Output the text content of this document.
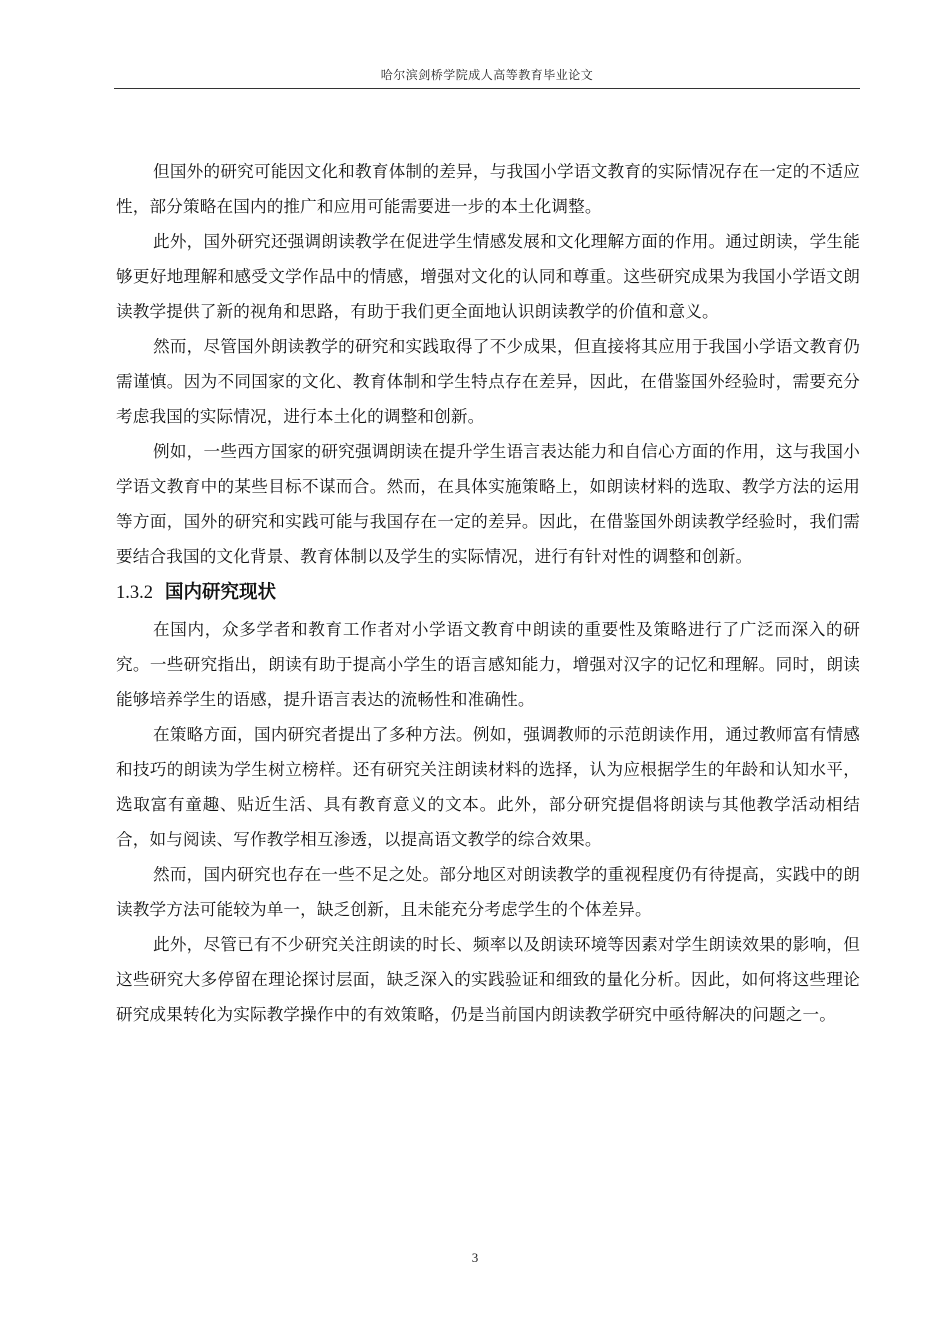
哈尔滨剑桥学院成人高等教育毕业论文

但国外的研究可能因文化和教育体制的差异，与我国小学语文教育的实际情况存在一定的不适应性，部分策略在国内的推广和应用可能需要进一步的本土化调整。

此外，国外研究还强调朗读教学在促进学生情感发展和文化理解方面的作用。通过朗读，学生能够更好地理解和感受文学作品中的情感，增强对文化的认同和尊重。这些研究成果为我国小学语文朗读教学提供了新的视角和思路，有助于我们更全面地认识朗读教学的价值和意义。

然而，尽管国外朗读教学的研究和实践取得了不少成果，但直接将其应用于我国小学语文教育仍需谨慎。因为不同国家的文化、教育体制和学生特点存在差异，因此，在借鉴国外经验时，需要充分考虑我国的实际情况，进行本土化的调整和创新。

例如，一些西方国家的研究强调朗读在提升学生语言表达能力和自信心方面的作用，这与我国小学语文教育中的某些目标不谋而合。然而，在具体实施策略上，如朗读材料的选取、教学方法的运用等方面，国外的研究和实践可能与我国存在一定的差异。因此，在借鉴国外朗读教学经验时，我们需要结合我国的文化背景、教育体制以及学生的实际情况，进行有针对性的调整和创新。

1.3.2 国内研究现状

在国内，众多学者和教育工作者对小学语文教育中朗读的重要性及策略进行了广泛而深入的研究。一些研究指出，朗读有助于提高小学生的语言感知能力，增强对汉字的记忆和理解。同时，朗读能够培养学生的语感，提升语言表达的流畅性和准确性。

在策略方面，国内研究者提出了多种方法。例如，强调教师的示范朗读作用，通过教师富有情感和技巧的朗读为学生树立榜样。还有研究关注朗读材料的选择，认为应根据学生的年龄和认知水平，选取富有童趣、贴近生活、具有教育意义的文本。此外，部分研究提倡将朗读与其他教学活动相结合，如与阅读、写作教学相互渗透，以提高语文教学的综合效果。

然而，国内研究也存在一些不足之处。部分地区对朗读教学的重视程度仍有待提高，实践中的朗读教学方法可能较为单一，缺乏创新，且未能充分考虑学生的个体差异。

此外，尽管已有不少研究关注朗读的时长、频率以及朗读环境等因素对学生朗读效果的影响，但这些研究大多停留在理论探讨层面，缺乏深入的实践验证和细致的量化分析。因此，如何将这些理论研究成果转化为实际教学操作中的有效策略，仍是当前国内朗读教学研究中亟待解决的问题之一。

3
